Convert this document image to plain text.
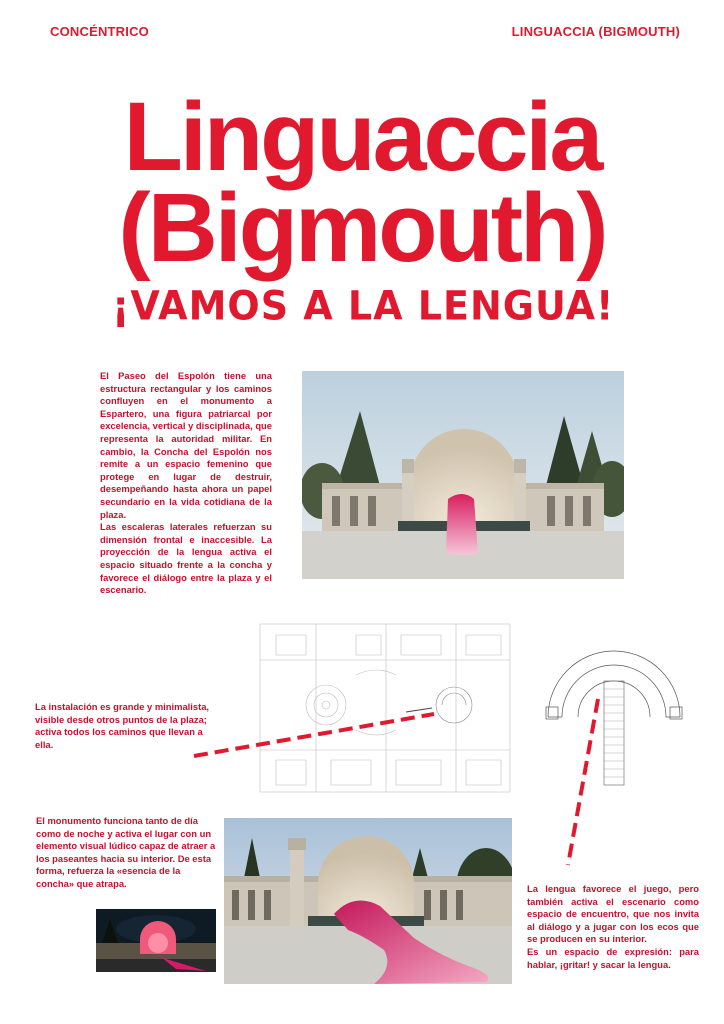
CONCÉNTRICO	LINGUACCIA (BIGMOUTH)
Linguaccia
(Bigmouth)
¡VAMOS A LA LENGUA!
El Paseo del Espolón tiene una estructura rectangular y los caminos confluyen en el monumento a Espartero, una figura patriarcal por excelencia, vertical y disciplinada, que representa la autoridad militar. En cambio, la Concha del Espolón nos remite a un espacio femenino que protege en lugar de destruir, desempeñando hasta ahora un papel secundario en la vida cotidiana de la plaza.
Las escaleras laterales refuerzan su dimensión frontal e inaccesible. La proyección de la lengua activa el espacio situado frente a la concha y favorece el diálogo entre la plaza y el escenario.
La instalación es grande y minimalista, visible desde otros puntos de la plaza; activa todos los caminos que llevan a ella.
El monumento funciona tanto de día como de noche y activa el lugar con un elemento visual lúdico capaz de atraer a los paseantes hacia su interior. De esta forma, refuerza la «esencia de la concha» que atrapa.	La lengua favorece el juego, pero también activa el escenario como espacio de encuentro, que nos invita al diálogo y a jugar con los ecos que se producen en su interior.
Es un espacio de expresión: para hablar, ¡gritar! y sacar la lengua.
